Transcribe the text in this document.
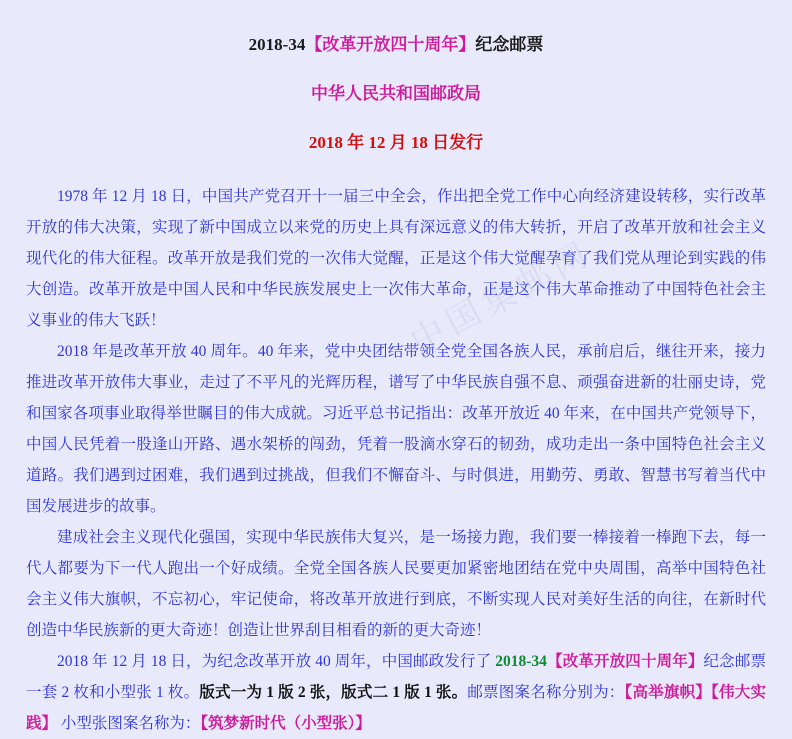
中国集邮网
2018-34【改革开放四十周年】纪念邮票
中华人民共和国邮政局
2018 年 12 月 18 日发行

1978 年 12 月 18 日，中国共产党召开十一届三中全会，作出把全党工作中心向经济建设转移，实行改革开放的伟大决策，实现了新中国成立以来党的历史上具有深远意义的伟大转折，开启了改革开放和社会主义现代化的伟大征程。改革开放是我们党的一次伟大觉醒，正是这个伟大觉醒孕育了我们党从理论到实践的伟大创造。改革开放是中国人民和中华民族发展史上一次伟大革命，正是这个伟大革命推动了中国特色社会主义事业的伟大飞跃！

2018 年是改革开放 40 周年。40 年来，党中央团结带领全党全国各族人民，承前启后，继往开来，接力推进改革开放伟大事业，走过了不平凡的光辉历程，谱写了中华民族自强不息、顽强奋进新的壮丽史诗，党和国家各项事业取得举世瞩目的伟大成就。习近平总书记指出：改革开放近 40 年来，在中国共产党领导下，中国人民凭着一股逢山开路、遇水架桥的闯劲，凭着一股滴水穿石的韧劲，成功走出一条中国特色社会主义道路。我们遇到过困难，我们遇到过挑战，但我们不懈奋斗、与时俱进，用勤劳、勇敢、智慧书写着当代中国发展进步的故事。

建成社会主义现代化强国，实现中华民族伟大复兴，是一场接力跑，我们要一棒接着一棒跑下去，每一代人都要为下一代人跑出一个好成绩。全党全国各族人民要更加紧密地团结在党中央周围，高举中国特色社会主义伟大旗帜，不忘初心，牢记使命，将改革开放进行到底，不断实现人民对美好生活的向往，在新时代创造中华民族新的更大奇迹！创造让世界刮目相看的新的更大奇迹！

2018 年 12 月 18 日，为纪念改革开放 40 周年，中国邮政发行了 2018-34【改革开放四十周年】纪念邮票一套 2 枚和小型张 1 枚。版式一为 1 版 2 张，版式二 1 版 1 张。邮票图案名称分别为：【高举旗帜】【伟大实践】 小型张图案名称为：【筑梦新时代（小型张）】
